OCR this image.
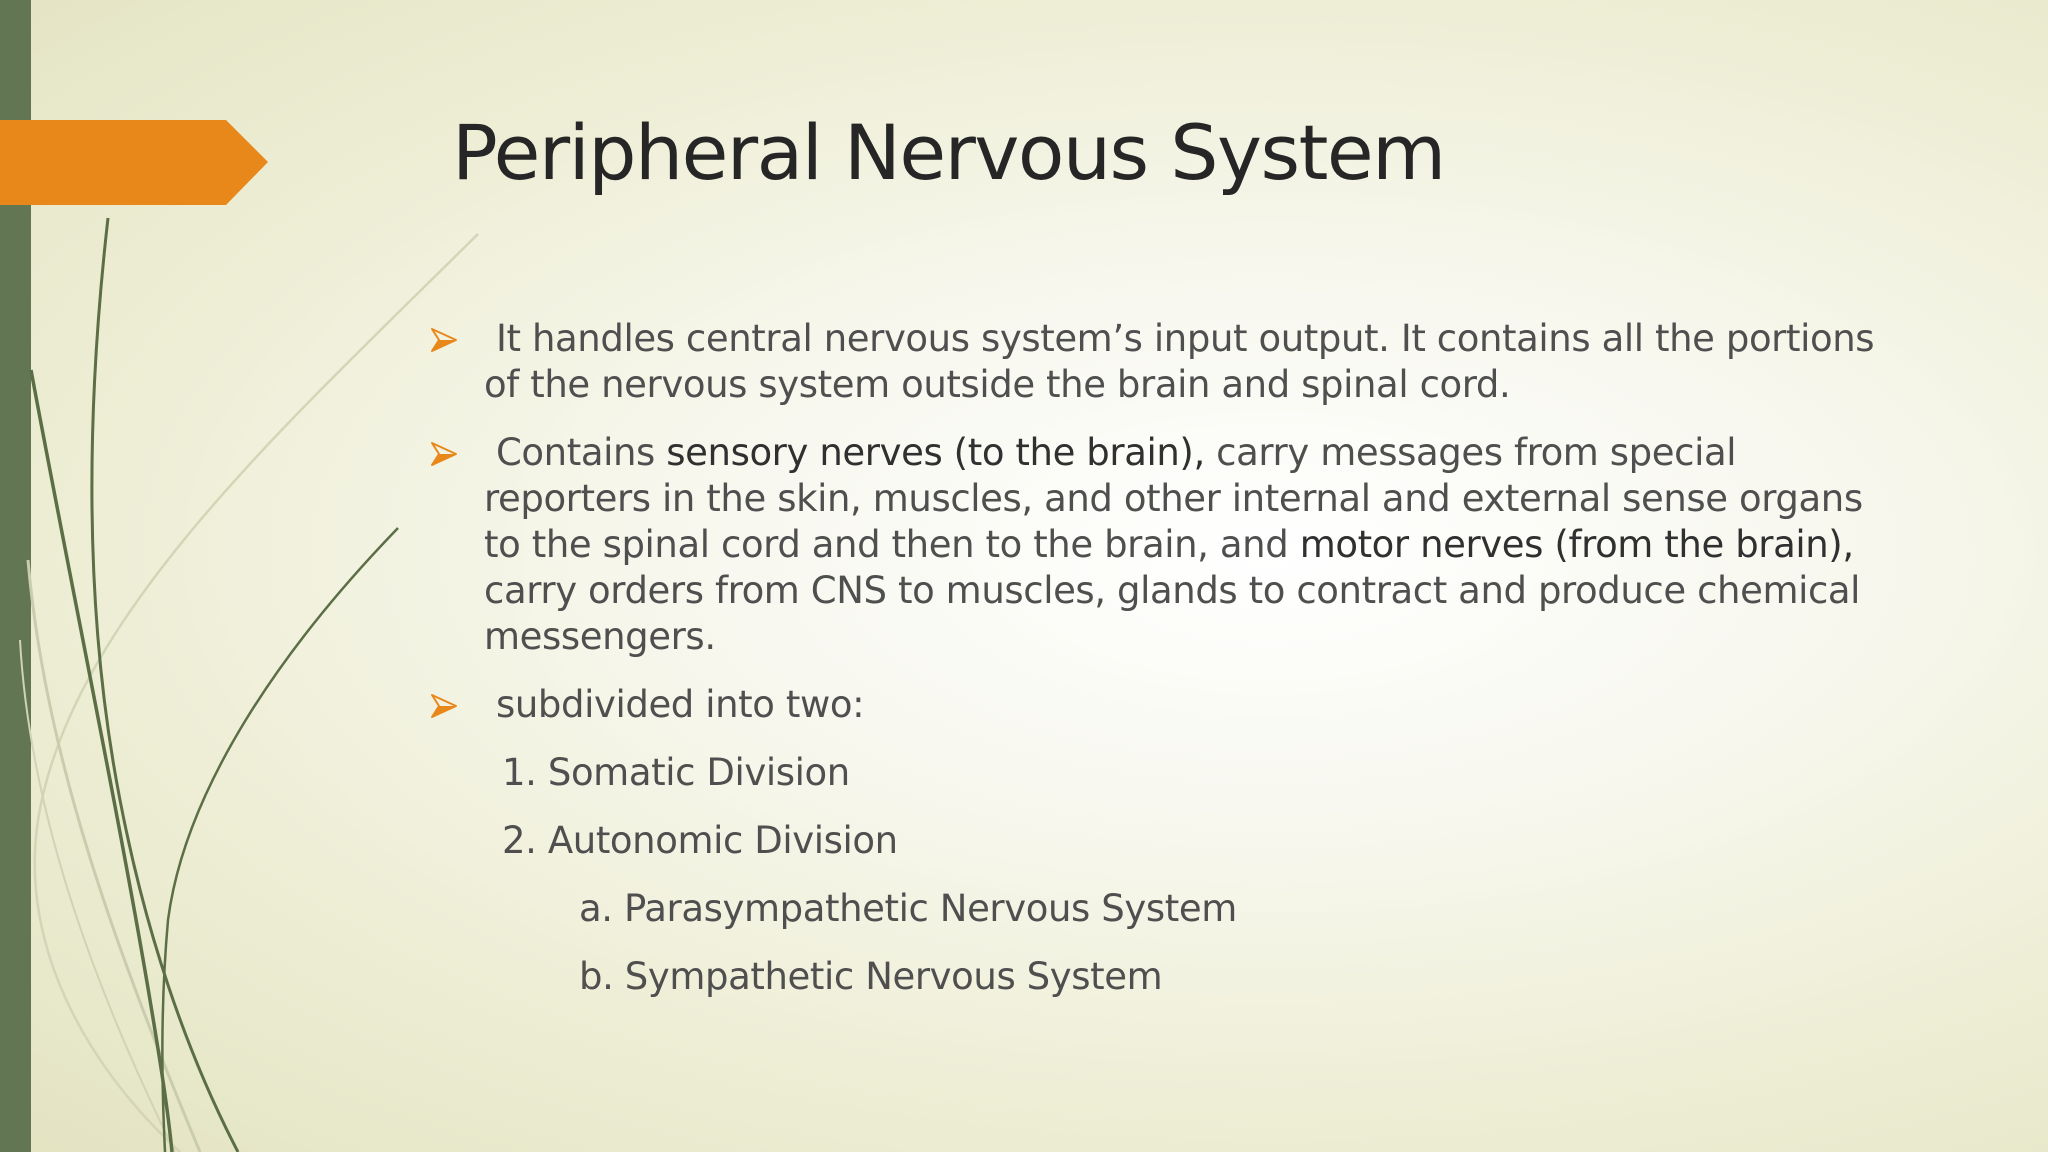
Peripheral Nervous System
It handles central nervous system’s input output. It contains all the portions of the nervous system outside the brain and spinal cord.
Contains sensory nerves (to the brain), carry messages from special reporters in the skin, muscles, and other internal and external sense organs to the spinal cord and then to the brain, and motor nerves (from the brain), carry orders from CNS to muscles, glands to contract and produce chemical messengers.
subdivided into two:
1. Somatic Division
2. Autonomic Division
a. Parasympathetic Nervous System
b. Sympathetic Nervous System
